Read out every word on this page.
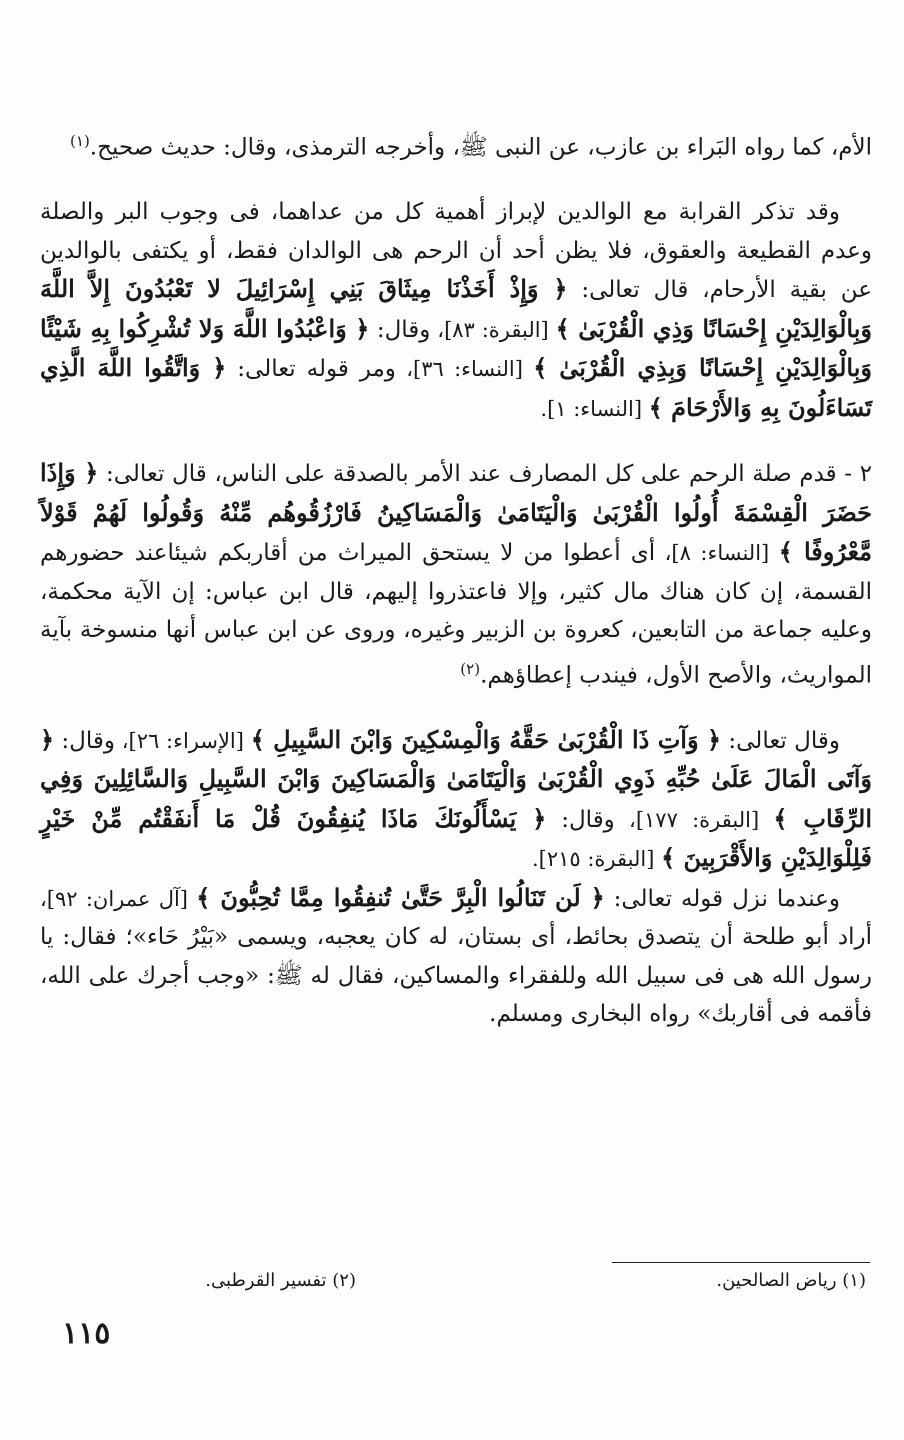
الأم، كما رواه البَراء بن عازب، عن النبى ﷺ، وأخرجه الترمذى، وقال: حديث صحيح.$^{(١)}$

وقد تذكر القرابة مع الوالدين لإبراز أهمية كل من عداهما، فى وجوب البر والصلة وعدم القطيعة والعقوق، فلا يظن أحد أن الرحم هى الوالدان فقط، أو يكتفى بالوالدين عن بقية الأرحام، قال تعالى: ﴿ وَإِذْ أَخَذْنَا مِيثَاقَ بَنِي إِسْرَائِيلَ لا تَعْبُدُونَ إِلاَّ اللَّهَ وَبِالْوَالِدَيْنِ إِحْسَانًا وَذِي الْقُرْبَىٰ ﴾ [البقرة: ٨٣]، وقال: ﴿ وَاعْبُدُوا اللَّهَ وَلا تُشْرِكُوا بِهِ شَيْئًا وَبِالْوَالِدَيْنِ إِحْسَانًا وَبِذِي الْقُرْبَىٰ ﴾ [النساء: ٣٦]، ومر قوله تعالى: ﴿ وَاتَّقُوا اللَّهَ الَّذِي تَسَاءَلُونَ بِهِ وَالأَرْحَامَ ﴾ [النساء: ١].

٢ - قدم صلة الرحم على كل المصارف عند الأمر بالصدقة على الناس، قال تعالى: ﴿ وَإِذَا حَضَرَ الْقِسْمَةَ أُولُوا الْقُرْبَىٰ وَالْيَتَامَىٰ وَالْمَسَاكِينُ فَارْزُقُوهُم مِّنْهُ وَقُولُوا لَهُمْ قَوْلاً مَّعْرُوفًا ﴾ [النساء: ٨]، أى أعطوا من لا يستحق الميراث من أقاربكم شيئاعند حضورهم القسمة، إن كان هناك مال كثير، وإلا فاعتذروا إليهم، قال ابن عباس: إن الآية محكمة، وعليه جماعة من التابعين، كعروة بن الزبير وغيره، وروى عن ابن عباس أنها منسوخة بآية المواريث، والأصح الأول، فيندب إعطاؤهم.$^{(٢)}$

وقال تعالى: ﴿ وَآتِ ذَا الْقُرْبَىٰ حَقَّهُ وَالْمِسْكِينَ وَابْنَ السَّبِيلِ ﴾ [الإسراء: ٢٦]، وقال: ﴿ وَآتَى الْمَالَ عَلَىٰ حُبِّهِ ذَوِي الْقُرْبَىٰ وَالْيَتَامَىٰ وَالْمَسَاكِينَ وَابْنَ السَّبِيلِ وَالسَّائِلِينَ وَفِي الرِّقَابِ ﴾ [البقرة: ١٧٧]، وقال: ﴿ يَسْأَلُونَكَ مَاذَا يُنفِقُونَ قُلْ مَا أَنفَقْتُم مِّنْ خَيْرٍ فَلِلْوَالِدَيْنِ وَالأَقْرَبِينَ ﴾ [البقرة: ٢١٥].

وعندما نزل قوله تعالى: ﴿ لَن تَنَالُوا الْبِرَّ حَتَّىٰ تُنفِقُوا مِمَّا تُحِبُّونَ ﴾ [آل عمران: ٩٢]، أراد أبو طلحة أن يتصدق بحائط، أى بستان، له كان يعجبه، ويسمى «بَيْرُ حَاء»؛ فقال: يا رسول الله هى فى سبيل الله وللفقراء والمساكين، فقال له ﷺ: «وجب أجرك على الله، فأقمه فى أقاربك» رواه البخارى ومسلم.

(١) رياض الصالحين.
(٢) تفسير القرطبى.
١١٥
